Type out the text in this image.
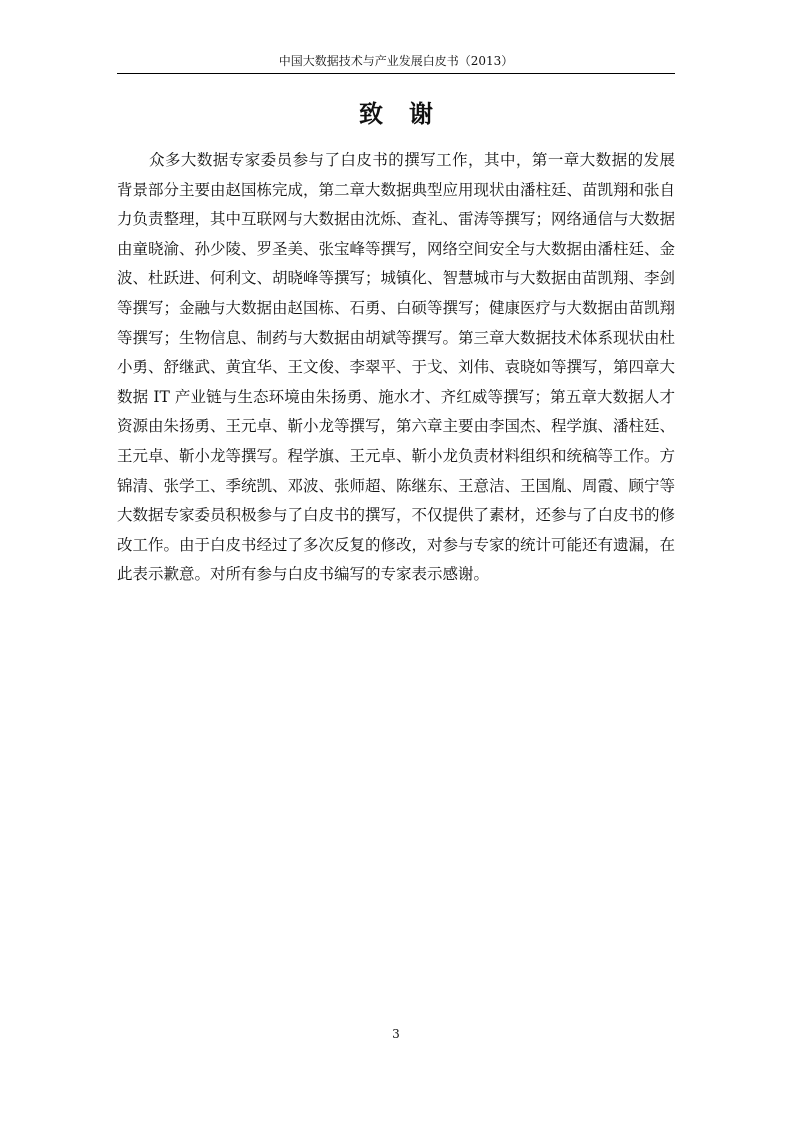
中国大数据技术与产业发展白皮书（2013）
致谢

众多大数据专家委员参与了白皮书的撰写工作，其中，第一章大数据的发展背景部分主要由赵国栋完成，第二章大数据典型应用现状由潘柱廷、苗凯翔和张自力负责整理，其中互联网与大数据由沈烁、查礼、雷涛等撰写；网络通信与大数据由童晓渝、孙少陵、罗圣美、张宝峰等撰写，网络空间安全与大数据由潘柱廷、金波、杜跃进、何利文、胡晓峰等撰写；城镇化、智慧城市与大数据由苗凯翔、李剑等撰写；金融与大数据由赵国栋、石勇、白硕等撰写；健康医疗与大数据由苗凯翔等撰写；生物信息、制药与大数据由胡斌等撰写。第三章大数据技术体系现状由杜小勇、舒继武、黄宜华、王文俊、李翠平、于戈、刘伟、袁晓如等撰写，第四章大数据 IT 产业链与生态环境由朱扬勇、施水才、齐红威等撰写；第五章大数据人才资源由朱扬勇、王元卓、靳小龙等撰写，第六章主要由李国杰、程学旗、潘柱廷、王元卓、靳小龙等撰写。程学旗、王元卓、靳小龙负责材料组织和统稿等工作。方锦清、张学工、季统凯、邓波、张师超、陈继东、王意洁、王国胤、周霞、顾宁等大数据专家委员积极参与了白皮书的撰写，不仅提供了素材，还参与了白皮书的修改工作。由于白皮书经过了多次反复的修改，对参与专家的统计可能还有遗漏，在此表示歉意。对所有参与白皮书编写的专家表示感谢。

3
